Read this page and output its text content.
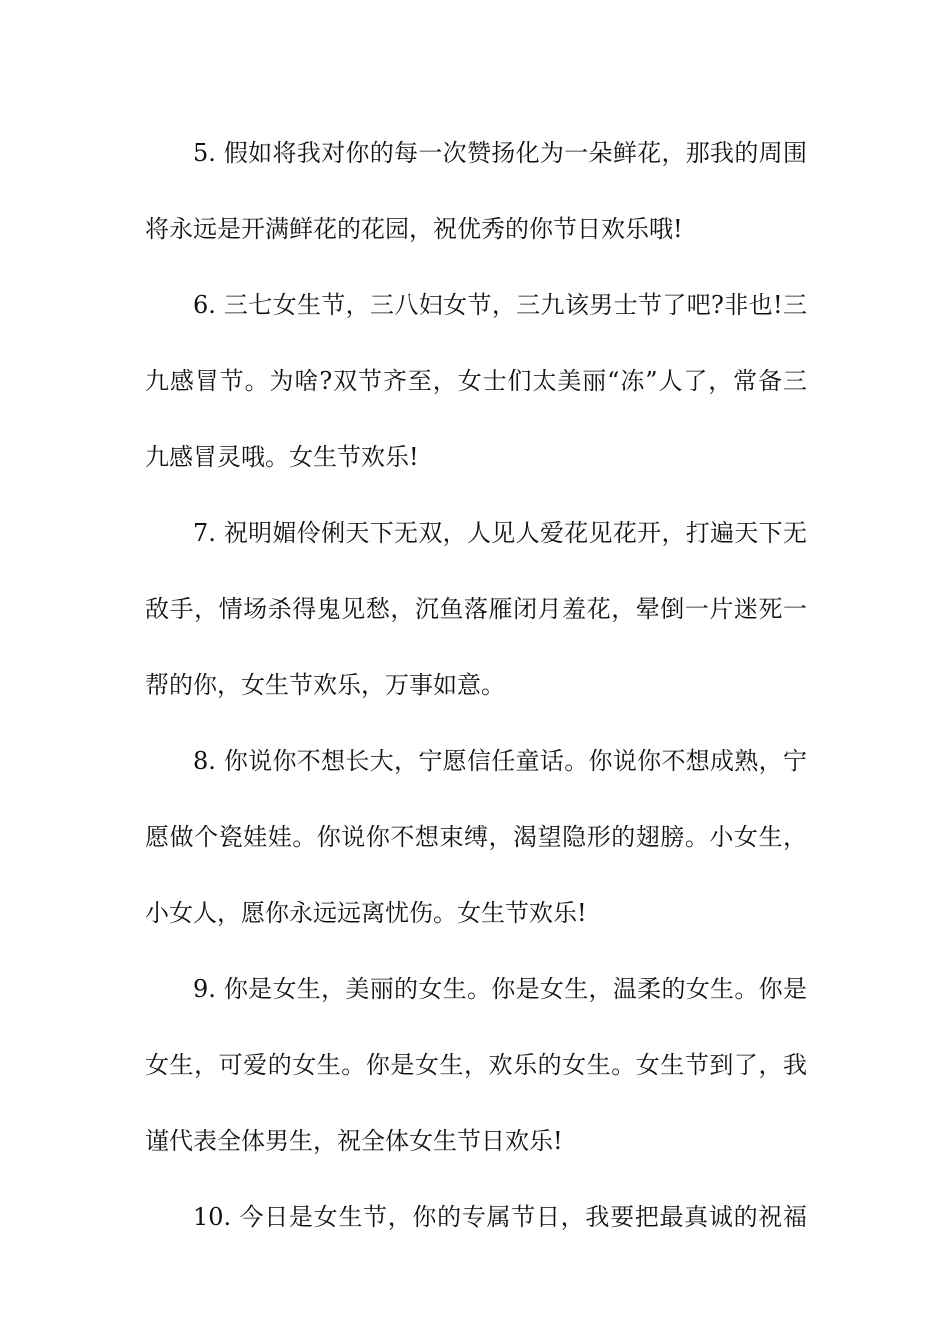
5. 假如将我对你的每一次赞扬化为一朵鲜花，那我的周围
将永远是开满鲜花的花园，祝优秀的你节日欢乐哦!
6. 三七女生节，三八妇女节，三九该男士节了吧?非也!三
九感冒节。为啥?双节齐至，女士们太美丽“冻”人了，常备三
九感冒灵哦。女生节欢乐!
7. 祝明媚伶俐天下无双，人见人爱花见花开，打遍天下无
敌手，情场杀得鬼见愁，沉鱼落雁闭月羞花，晕倒一片迷死一
帮的你，女生节欢乐，万事如意。
8. 你说你不想长大，宁愿信任童话。你说你不想成熟，宁
愿做个瓷娃娃。你说你不想束缚，渴望隐形的翅膀。小女生，
小女人，愿你永远远离忧伤。女生节欢乐!
9. 你是女生，美丽的女生。你是女生，温柔的女生。你是
女生，可爱的女生。你是女生，欢乐的女生。女生节到了，我
谨代表全体男生，祝全体女生节日欢乐!
10. 今日是女生节，你的专属节日，我要把最真诚的祝福
